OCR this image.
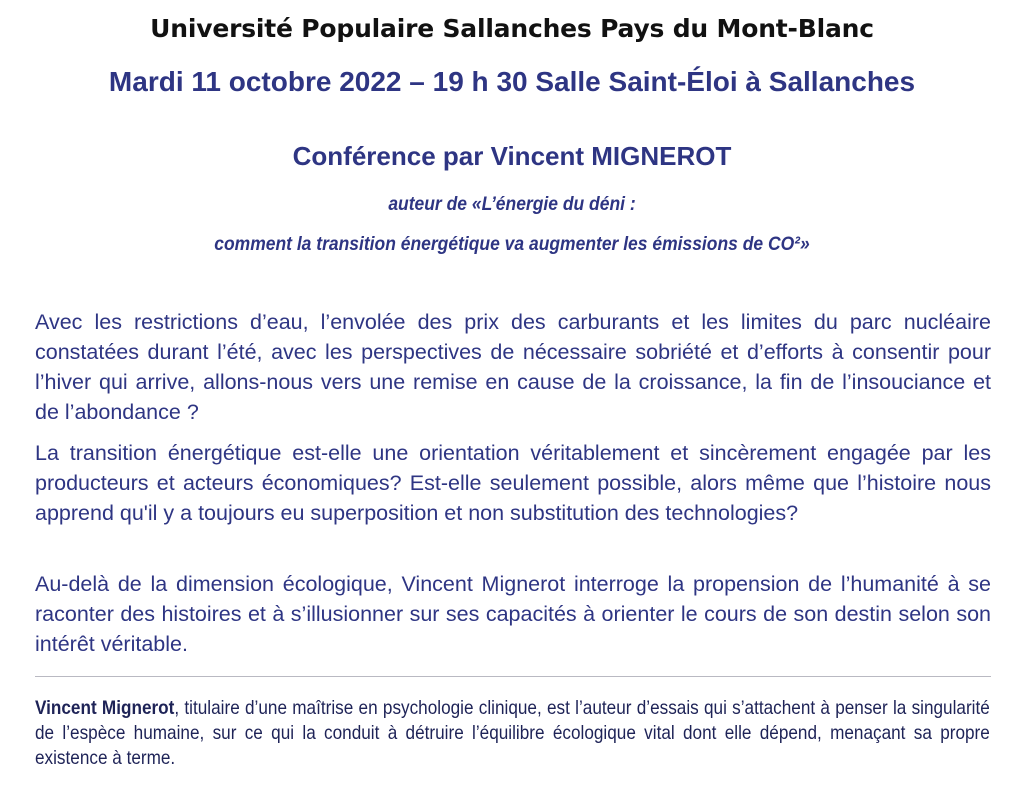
Université Populaire Sallanches Pays du Mont-Blanc
Mardi 11 octobre 2022 – 19 h 30 Salle Saint-Éloi à Sallanches
Conférence par Vincent MIGNEROT
auteur de «L’énergie du déni :
comment la transition énergétique va augmenter les émissions de CO²»

Avec les restrictions d’eau, l’envolée des prix des carburants et les limites du parc nucléaire constatées durant l’été, avec les perspectives de nécessaire sobriété et d’efforts à consentir pour l’hiver qui arrive, allons-nous vers une remise en cause de la croissance, la fin de l’insouciance et de l’abondance ?

La transition énergétique est-elle une orientation véritablement et sincèrement engagée par les producteurs et acteurs économiques? Est-elle seulement possible, alors même que l’histoire nous apprend qu'il y a toujours eu superposition et non substitution des technologies?

Au-delà de la dimension écologique, Vincent Mignerot interroge la propension de l’humanité à se raconter des histoires et à s’illusionner sur ses capacités à orienter le cours de son destin selon son intérêt véritable.

Vincent Mignerot, titulaire d’une maîtrise en psychologie clinique, est l’auteur d’essais qui s’attachent à penser la singularité de l’espèce humaine, sur ce qui la conduit à détruire l’équilibre écologique vital dont elle dépend, menaçant sa propre existence à terme.
